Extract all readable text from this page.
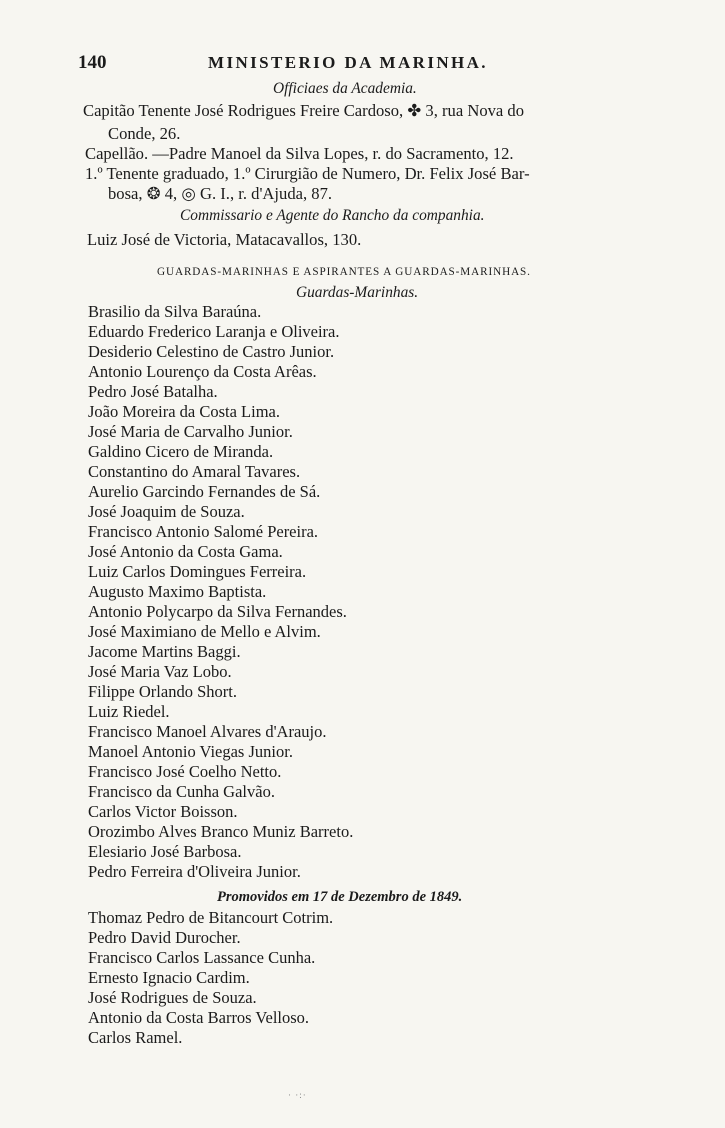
140	MINISTERIO DA MARINHA.
Officiaes da Academia.
Capitão Tenente José Rodrigues Freire Cardoso, ✤ 3, rua Nova do
Conde, 26.
Capellão. —Padre Manoel da Silva Lopes, r. do Sacramento, 12.
1.º Tenente graduado, 1.º Cirurgião de Numero, Dr. Felix José Bar-
bosa, ❂ 4, ◎ G. I., r. d'Ajuda, 87.
Commissario e Agente do Rancho da companhia.
Luiz José de Victoria, Matacavallos, 130.
GUARDAS-MARINHAS E ASPIRANTES A GUARDAS-MARINHAS.
Guardas-Marinhas.
Brasilio da Silva Baraúna.
Eduardo Frederico Laranja e Oliveira.
Desiderio Celestino de Castro Junior.
Antonio Lourenço da Costa Arêas.
Pedro José Batalha.
João Moreira da Costa Lima.
José Maria de Carvalho Junior.
Galdino Cicero de Miranda.
Constantino do Amaral Tavares.
Aurelio Garcindo Fernandes de Sá.
José Joaquim de Souza.
Francisco Antonio Salomé Pereira.
José Antonio da Costa Gama.
Luiz Carlos Domingues Ferreira.
Augusto Maximo Baptista.
Antonio Polycarpo da Silva Fernandes.
José Maximiano de Mello e Alvim.
Jacome Martins Baggi.
José Maria Vaz Lobo.
Filippe Orlando Short.
Luiz Riedel.
Francisco Manoel Alvares d'Araujo.
Manoel Antonio Viegas Junior.
Francisco José Coelho Netto.
Francisco da Cunha Galvão.
Carlos Victor Boisson.
Orozimbo Alves Branco Muniz Barreto.
Elesiario José Barbosa.
Pedro Ferreira d'Oliveira Junior.
Promovidos em 17 de Dezembro de 1849.
Thomaz Pedro de Bitancourt Cotrim.
Pedro David Durocher.
Francisco Carlos Lassance Cunha.
Ernesto Ignacio Cardim.
José Rodrigues de Souza.
Antonio da Costa Barros Velloso.
Carlos Ramel.
· ·:·
